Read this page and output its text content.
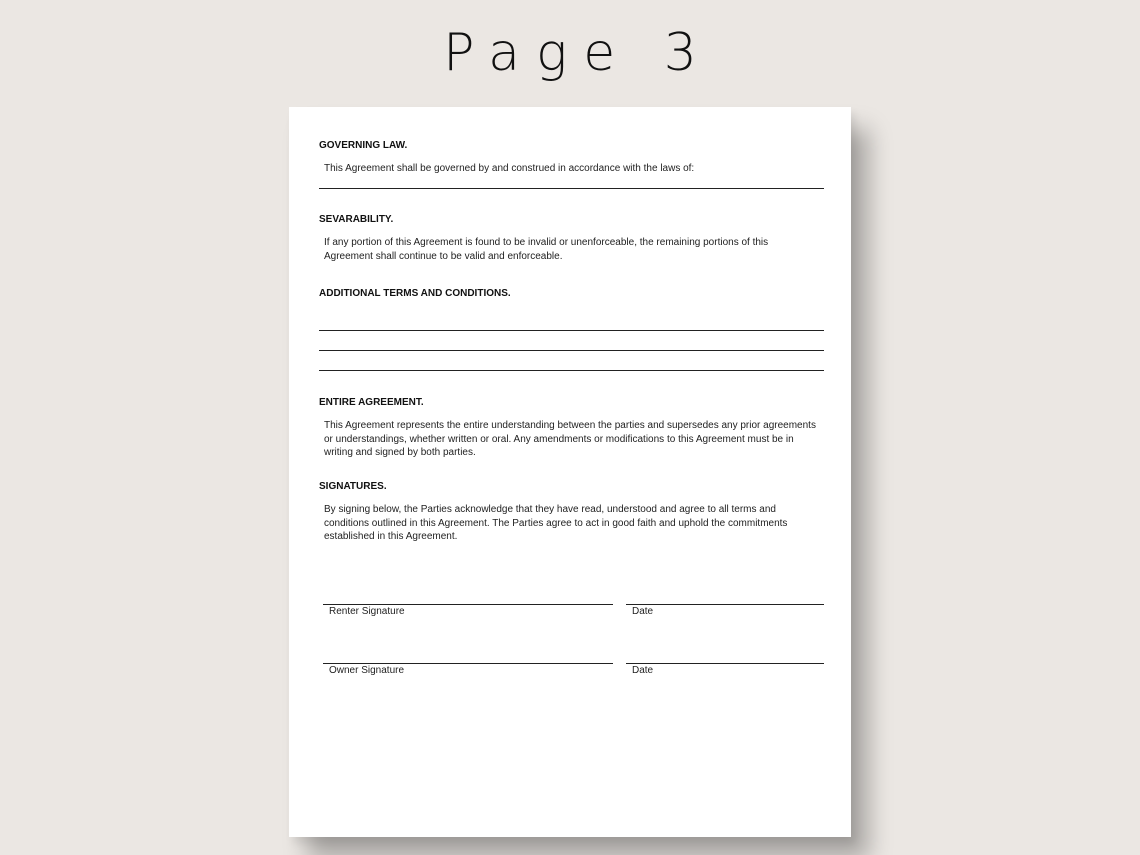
Page 3
GOVERNING LAW.
This Agreement shall be governed by and construed in accordance with the laws of:
SEVARABILITY.
If any portion of this Agreement is found to be invalid or unenforceable, the remaining portions of this Agreement shall continue to be valid and enforceable.
ADDITIONAL TERMS AND CONDITIONS.
ENTIRE AGREEMENT.
This Agreement represents the entire understanding between the parties and supersedes any prior agreements or understandings, whether written or oral. Any amendments or modifications to this Agreement must be in writing and signed by both parties.
SIGNATURES.
By signing below, the Parties acknowledge that they have read, understood and agree to all terms and conditions outlined in this Agreement. The Parties agree to act in good faith and uphold the commitments established in this Agreement.
Renter Signature	Date
Owner Signature	Date
